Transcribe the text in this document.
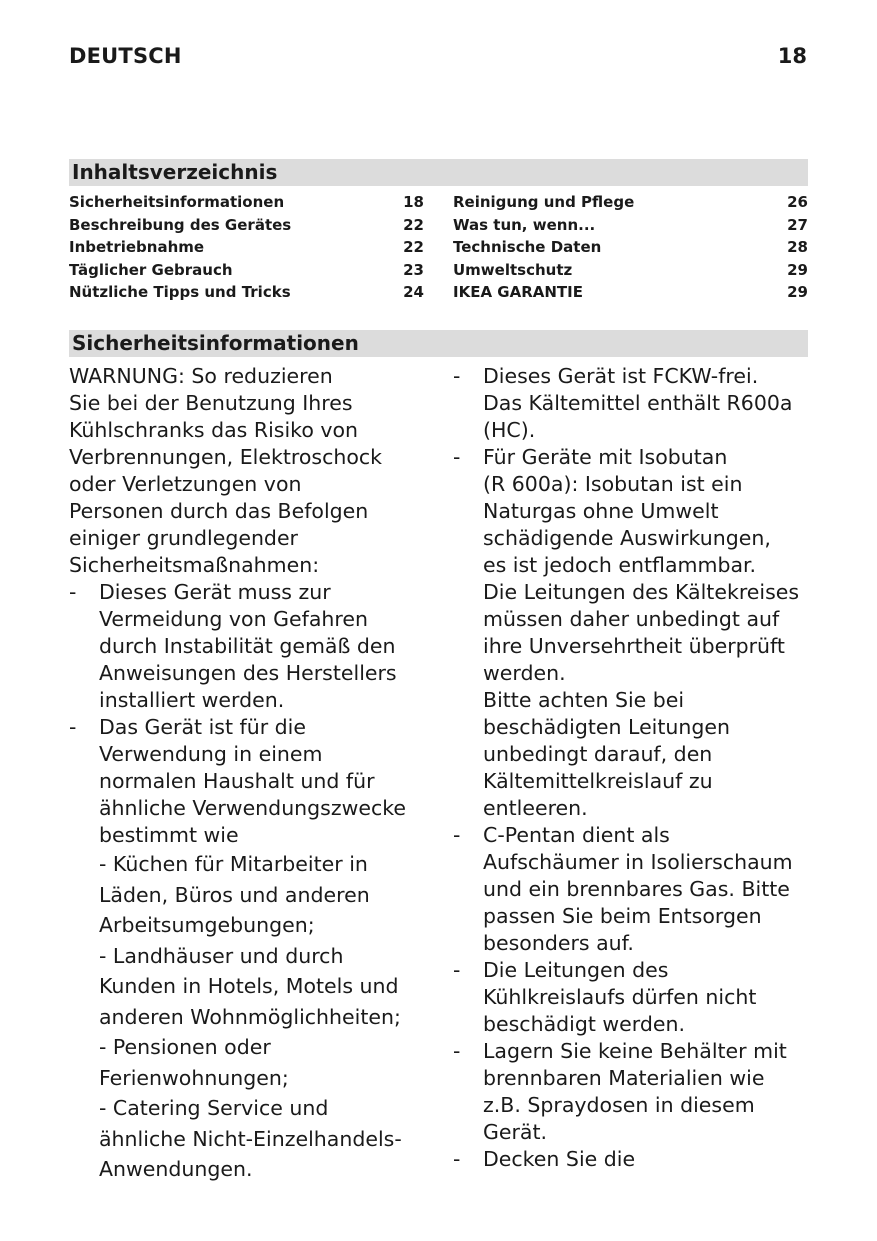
DEUTSCH	18
Inhaltsverzeichnis
Sicherheitsinformationen	18
Beschreibung des Gerätes	22
Inbetriebnahme	22
Täglicher Gebrauch	23
Nützliche Tipps und Tricks	24
Reinigung und Pflege	26
Was tun, wenn...	27
Technische Daten	28
Umweltschutz	29
IKEA GARANTIE	29
Sicherheitsinformationen

WARNUNG: So reduzieren

Sie bei der Benutzung Ihres

Kühlschranks das Risiko von

Verbrennungen, Elektroschock

oder Verletzungen von

Personen durch das Befolgen

einiger grundlegender

Sicherheitsmaßnahmen:

- Dieses Gerät muss zur

Vermeidung von Gefahren

durch Instabilität gemäß den

Anweisungen des Herstellers

installiert werden.

- Das Gerät ist für die

Verwendung in einem

normalen Haushalt und für

ähnliche Verwendungszwecke

bestimmt wie

- Küchen für Mitarbeiter in

Läden, Büros und anderen

Arbeitsumgebungen;

- Landhäuser und durch

Kunden in Hotels, Motels und

anderen Wohnmöglichheiten;

- Pensionen oder

Ferienwohnungen;

- Catering Service und

ähnliche Nicht-Einzelhandels-

Anwendungen.

- Dieses Gerät ist FCKW-frei.

Das Kältemittel enthält R600a

(HC).

- Für Geräte mit Isobutan

(R 600a): Isobutan ist ein

Naturgas ohne Umwelt

schädigende Auswirkungen,

es ist jedoch entflammbar.

Die Leitungen des Kältekreises

müssen daher unbedingt auf

ihre Unversehrtheit überprüft

werden.

Bitte achten Sie bei

beschädigten Leitungen

unbedingt darauf, den

Kältemittelkreislauf zu

entleeren.

- C-Pentan dient als

Aufschäumer in Isolierschaum

und ein brennbares Gas. Bitte

passen Sie beim Entsorgen

besonders auf.

- Die Leitungen des

Kühlkreislaufs dürfen nicht

beschädigt werden.

- Lagern Sie keine Behälter mit

brennbaren Materialien wie

z.B. Spraydosen in diesem

Gerät.

- Decken Sie die
